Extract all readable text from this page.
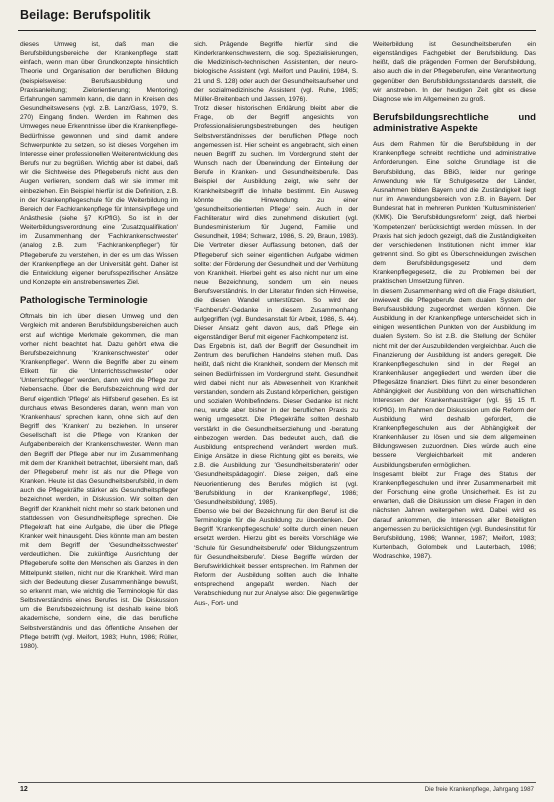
Beilage: Berufspolitik

dieses Umweg ist, daß man die Berufsbildungsbereiche der Krankenpflege statt einfach, wenn man über Grundkonzepte hinsichtlich Theorie und Organisation der beruflichen Bildung (beispielsweise: Berufsausbildung und Praxisanleitung; Zielorientierung; Mentoring) Erfahrungen sammeln kann, die dann in Kreisen des Gesundheitswesens (vgl. z.B. Lanz/Gass, 1979, S. 270) Eingang finden. Werden im Rahmen des Umweges neue Erkenntnisse über die Krankenpflege-Bedürfnisse gewonnen und sind damit andere Schwerpunkte zu setzen, so ist dieses Vorgehen im Interesse einer professionellen Weiterentwicklung des Berufs nur zu begrüßen. Wichtig aber ist dabei, daß wir die Sichtweise des Pflegeberufs nicht aus den Augen verlieren, sondern daß wir sie immer mit einbeziehen. Ein Beispiel hierfür ist die Definition, z.B. in der Krankenpflegeschule für die Weiterbildung im Bereich der Fachkrankenpflege für Intensivpflege und Anästhesie (siehe §7 KrPflG). So ist in der Weiterbildungsverordnung eine 'Zusatzqualifikation' im Zusammenhang der 'Fachkrankenschwester' (analog z.B. zum 'Fachkrankenpfleger') für Pflegeberufe zu verstehen, in der es um das Wissen der Krankenpflege an der Universität geht. Daher ist die Entwicklung eigener berufsspezifischer Ansätze und Konzepte ein anstrebenswertes Ziel.

Pathologische Terminologie

Oftmals bin ich über diesen Umweg und den Vergleich mit anderen Berufsbildungsbereichen auch erst auf wichtige Merkmale gekommen, die man vorher nicht beachtet hat. Dazu gehört etwa die Berufsbezeichnung 'Krankenschwester' oder 'Krankenpfleger'. Wenn die Begriffe aber zu einem Etikett für die 'Unterrichtsschwester' oder 'Unterrichtspfleger' werden, dann wird die Pflege zur Nebensache. Über die Berufsbezeichnung wird der Beruf eigentlich 'Pflege' als Hilfsberuf gesehen. Es ist durchaus etwas Besonderes daran, wenn man von 'Krankenhaus' sprechen kann, ohne sich auf den Begriff des 'Kranken' zu beziehen. In unserer Gesellschaft ist die Pflege von Kranken der Aufgabenbereich der Krankenschwester. Wenn man den Begriff der Pflege aber nur im Zusammenhang mit dem der Krankheit betrachtet, übersieht man, daß der Pflegeberuf mehr ist als nur die Pflege von Kranken. Heute ist das Gesundheitsberufsbild, in dem auch die Pflegekräfte stärker als Gesundheitspfleger bezeichnet werden, in Diskussion. Wir sollten den Begriff der Krankheit nicht mehr so stark betonen und stattdessen von Gesundheitspflege sprechen. Die Pflegekraft hat eine Aufgabe, die über die Pflege Kranker weit hinausgeht. Dies könnte man am besten mit dem Begriff der 'Gesundheitsschwester' verdeutlichen. Die zukünftige Ausrichtung der Pflegeberufe sollte den Menschen als Ganzes in den Mittelpunkt stellen, nicht nur die Krankheit. Wird man sich der Bedeutung dieser Zusammenhänge bewußt, so erkennt man, wie wichtig die Terminologie für das Selbstverständnis eines Berufes ist. Die Diskussion um die Berufsbezeichnung ist deshalb keine bloß akademische, sondern eine, die das berufliche Selbstverständnis und das öffentliche Ansehen der Pflege betrifft (vgl. Meifort, 1983; Huhn, 1986; Rüller, 1980).

sich. Prägende Begriffe hierfür sind die Kinderkrankenschwestern, die sog. Spezialisierungen, die Medizinisch-technischen Assistenten, der neuro-biologische Assistent (vgl. Meifort und Paulini, 1984, S. 21 und S. 128) oder auch der Gesundheitsaufseher und der sozialmedizinische Assistent (vgl. Ruhe, 1985; Müller-Breitenbach und Jassen, 1976).

Trotz dieser historischen Erklärung bleibt aber die Frage, ob der Begriff angesichts von Professionalisierungsbestrebungen des heutigen Selbstverständnisses der beruflichen Pflege noch angemessen ist. Hier scheint es angebracht, sich einen neuen Begriff zu suchen. Im Vordergrund steht der Wunsch nach der Überwindung der Einteilung der Berufe in Kranken- und Gesundheitsberufe. Das Beispiel der Ausbildung zeigt, wie sehr der Krankheitsbegriff die Inhalte bestimmt. Ein Ausweg könnte die Hinwendung zu einer 'gesundheitsorientierten Pflege' sein. Auch in der Fachliteratur wird dies zunehmend diskutiert (vgl. Bundesministerium für Jugend, Familie und Gesundheit, 1984; Schwarz, 1986, S. 29, Braun, 1983). Die Vertreter dieser Auffassung betonen, daß der Pflegeberuf sich seiner eigentlichen Aufgabe widmen sollte: der Förderung der Gesundheit und der Verhütung von Krankheit. Hierbei geht es also nicht nur um eine neue Bezeichnung, sondern um ein neues Berufsverständnis. In der Literatur finden sich Hinweise, die diesen Wandel unterstützen. So wird der 'Fachberufs'-Gedanke in diesem Zusammenhang aufgegriffen (vgl. Bundesanstalt für Arbeit, 1986, S. 44). Dieser Ansatz geht davon aus, daß Pflege ein eigenständiger Beruf mit eigener Fachkompetenz ist.

Das Ergebnis ist, daß der Begriff der Gesundheit im Zentrum des beruflichen Handelns stehen muß. Das heißt, daß nicht die Krankheit, sondern der Mensch mit seinen Bedürfnissen im Vordergrund steht. Gesundheit wird dabei nicht nur als Abwesenheit von Krankheit verstanden, sondern als Zustand körperlichen, geistigen und sozialen Wohlbefindens. Dieser Gedanke ist nicht neu, wurde aber bisher in der beruflichen Praxis zu wenig umgesetzt. Die Pflegekräfte sollten deshalb verstärkt in die Gesundheitserziehung und -beratung einbezogen werden. Das bedeutet auch, daß die Ausbildung entsprechend verändert werden muß. Einige Ansätze in diese Richtung gibt es bereits, wie z.B. die Ausbildung zur 'Gesundheitsberaterin' oder 'Gesundheitspädagogin'. Diese zeigen, daß eine Neuorientierung des Berufes möglich ist (vgl. 'Berufsbildung in der Krankenpflege', 1986; 'Gesundheitsbildung', 1985).

Ebenso wie bei der Bezeichnung für den Beruf ist die Terminologie für die Ausbildung zu überdenken. Der Begriff 'Krankenpflegeschule' sollte durch einen neuen ersetzt werden. Hierzu gibt es bereits Vorschläge wie 'Schule für Gesundheitsberufe' oder 'Bildungszentrum für Gesundheitsberufe'. Diese Begriffe würden der Berufswirklichkeit besser entsprechen. Im Rahmen der Reform der Ausbildung sollten auch die Inhalte entsprechend angepaßt werden. Nach der Verabschiedung nur zur Analyse also: Die gegenwärtige Aus-, Fort- und

Weiterbildung ist Gesundheitsberufen ein eigenständiges Fachgebiet der Berufsbildung. Das heißt, daß die prägenden Formen der Berufsbildung, also auch die in der Pflegeberufen, eine Verantwortung gegenüber den Berufsbildungsstandards darstellt, die wir anstreben. In der heutigen Zeit gibt es diese Diagnose wie im Allgemeinen zu groß.

Berufsbildungsrechtliche und administrative Aspekte

Aus dem Rahmen für die Berufsbildung in der Krankenpflege schreibt rechtliche und administrative Anforderungen. Eine solche Grundlage ist die Berufsbildung, das BBiG, leider nur geringe Anwendung wie für Schulgesetze der Länder, Ausnahmen bilden Bayern und die Zuständigkeit liegt nur im Anwendungsbereich von z.B. in Bayern. Der Bundesrat hat in mehreren Punkten 'Kultusministerien' (KMK). Die 'Berufsbildungsreform' zeigt, daß hierbei 'Kompetenzen' berücksichtigt werden müssen. In der Praxis hat sich jedoch gezeigt, daß die Zuständigkeiten der verschiedenen Institutionen nicht immer klar getrennt sind. So gibt es Überschneidungen zwischen dem Berufsbildungsgesetz und dem Krankenpflegegesetz, die zu Problemen bei der praktischen Umsetzung führen.

In diesem Zusammenhang wird oft die Frage diskutiert, inwieweit die Pflegeberufe dem dualen System der Berufsausbildung zugeordnet werden können. Die Ausbildung in der Krankenpflege unterscheidet sich in einigen wesentlichen Punkten von der Ausbildung im dualen System. So ist z.B. die Stellung der Schüler nicht mit der der Auszubildenden vergleichbar. Auch die Finanzierung der Ausbildung ist anders geregelt. Die Krankenpflegeschulen sind in der Regel an Krankenhäuser angegliedert und werden über die Pflegesätze finanziert. Dies führt zu einer besonderen Abhängigkeit der Ausbildung von den wirtschaftlichen Interessen der Krankenhausträger (vgl. §§ 15 ff. KrPflG). Im Rahmen der Diskussion um die Reform der Ausbildung wird deshalb gefordert, die Krankenpflegeschulen aus der Abhängigkeit der Krankenhäuser zu lösen und sie dem allgemeinen Bildungswesen zuzuordnen. Dies würde auch eine bessere Vergleichbarkeit mit anderen Ausbildungsberufen ermöglichen.

Insgesamt bleibt zur Frage des Status der Krankenpflegeschulen und ihrer Zusammenarbeit mit der Forschung eine große Unsicherheit. Es ist zu erwarten, daß die Diskussion um diese Fragen in den nächsten Jahren weitergehen wird. Dabei wird es darauf ankommen, die Interessen aller Beteiligten angemessen zu berücksichtigen (vgl. Bundesinstitut für Berufsbildung, 1986; Wanner, 1987; Meifort, 1983; Kurtenbach, Golombek und Lauterbach, 1986; Wodraschke, 1987).

12	Die freie Krankenpflege, Jahrgang 1987
